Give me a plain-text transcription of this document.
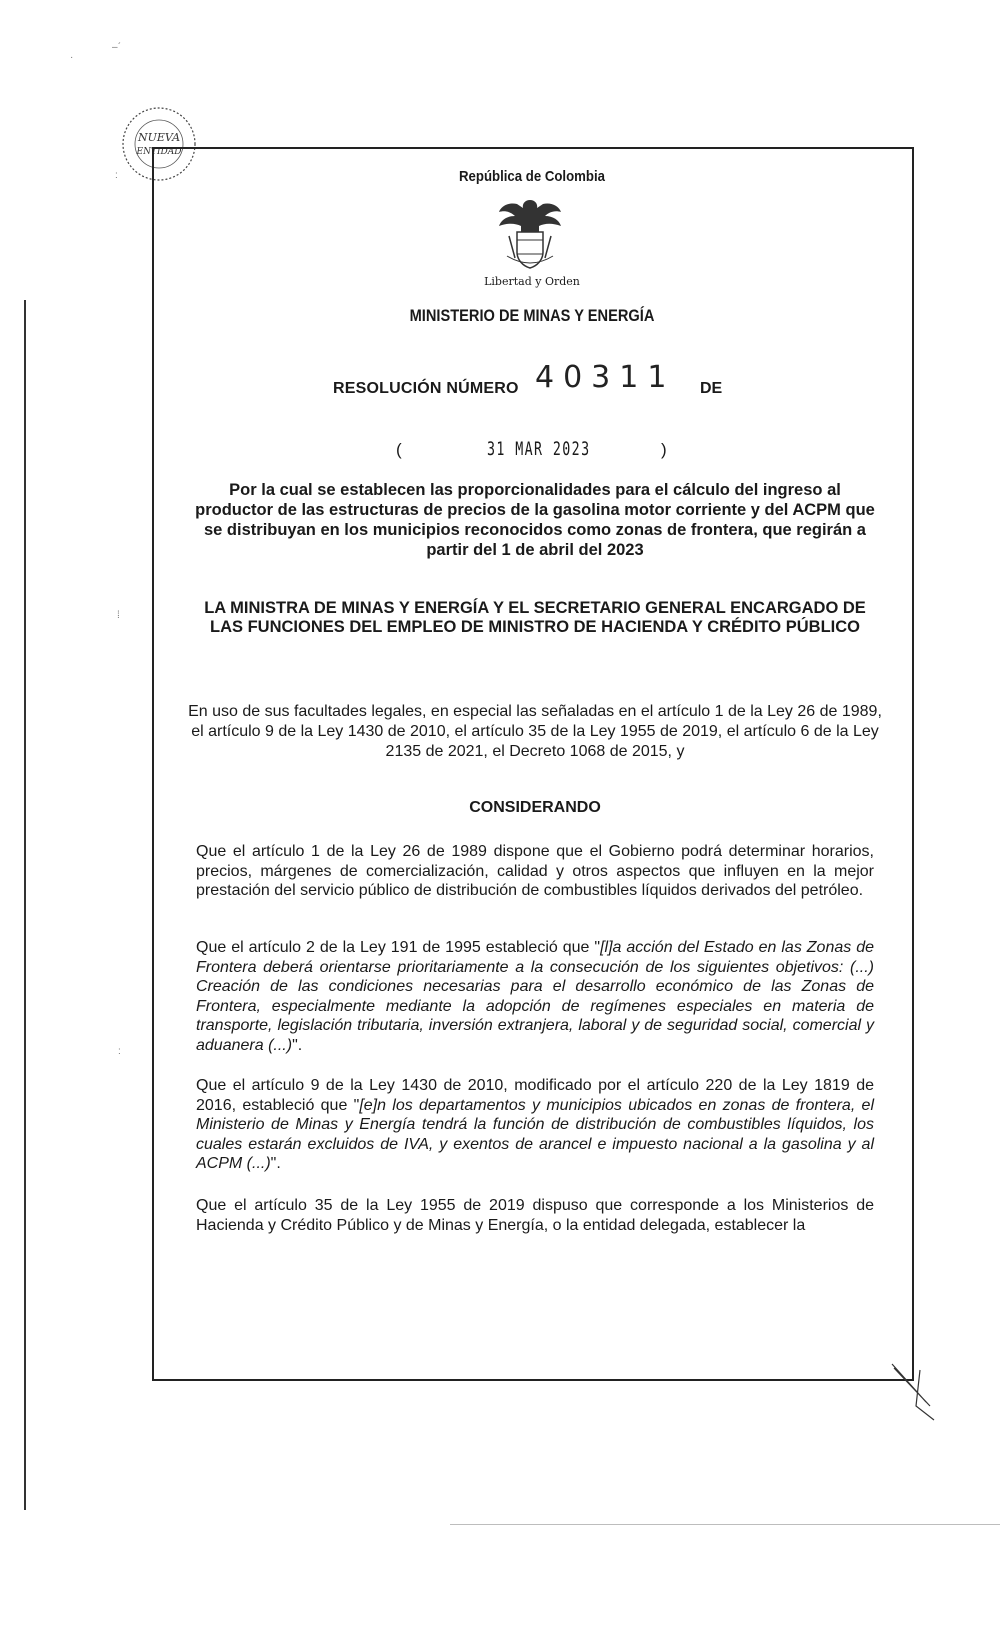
–ˊ
·
:
⁞
:
NUEVA
ENTIDAD
República de Colombia
Libertad y Orden
MINISTERIO DE MINAS Y ENERGÍA
RESOLUCIÓN NÚMERO 40311 DE
(	31 MAR 2023	)
Por la cual se establecen las proporcionalidades para el cálculo del ingreso al productor de las estructuras de precios de la gasolina motor corriente y del ACPM que se distribuyan en los municipios reconocidos como zonas de frontera, que regirán a partir del 1 de abril del 2023
LA MINISTRA DE MINAS Y ENERGÍA Y EL SECRETARIO GENERAL ENCARGADO DE LAS FUNCIONES DEL EMPLEO DE MINISTRO DE HACIENDA Y CRÉDITO PÚBLICO
En uso de sus facultades legales, en especial las señaladas en el artículo 1 de la Ley 26 de 1989, el artículo 9 de la Ley 1430 de 2010, el artículo 35 de la Ley 1955 de 2019, el artículo 6 de la Ley 2135 de 2021, el Decreto 1068 de 2015, y
CONSIDERANDO
Que el artículo 1 de la Ley 26 de 1989 dispone que el Gobierno podrá determinar horarios, precios, márgenes de comercialización, calidad y otros aspectos que influyen en la mejor prestación del servicio público de distribución de combustibles líquidos derivados del petróleo.
Que el artículo 2 de la Ley 191 de 1995 estableció que "[l]a acción del Estado en las Zonas de Frontera deberá orientarse prioritariamente a la consecución de los siguientes objetivos: (...) Creación de las condiciones necesarias para el desarrollo económico de las Zonas de Frontera, especialmente mediante la adopción de regímenes especiales en materia de transporte, legislación tributaria, inversión extranjera, laboral y de seguridad social, comercial y aduanera (...)".
Que el artículo 9 de la Ley 1430 de 2010, modificado por el artículo 220 de la Ley 1819 de 2016, estableció que "[e]n los departamentos y municipios ubicados en zonas de frontera, el Ministerio de Minas y Energía tendrá la función de distribución de combustibles líquidos, los cuales estarán excluidos de IVA, y exentos de arancel e impuesto nacional a la gasolina y al ACPM (...)".
Que el artículo 35 de la Ley 1955 de 2019 dispuso que corresponde a los Ministerios de Hacienda y Crédito Público y de Minas y Energía, o la entidad delegada, establecer la
